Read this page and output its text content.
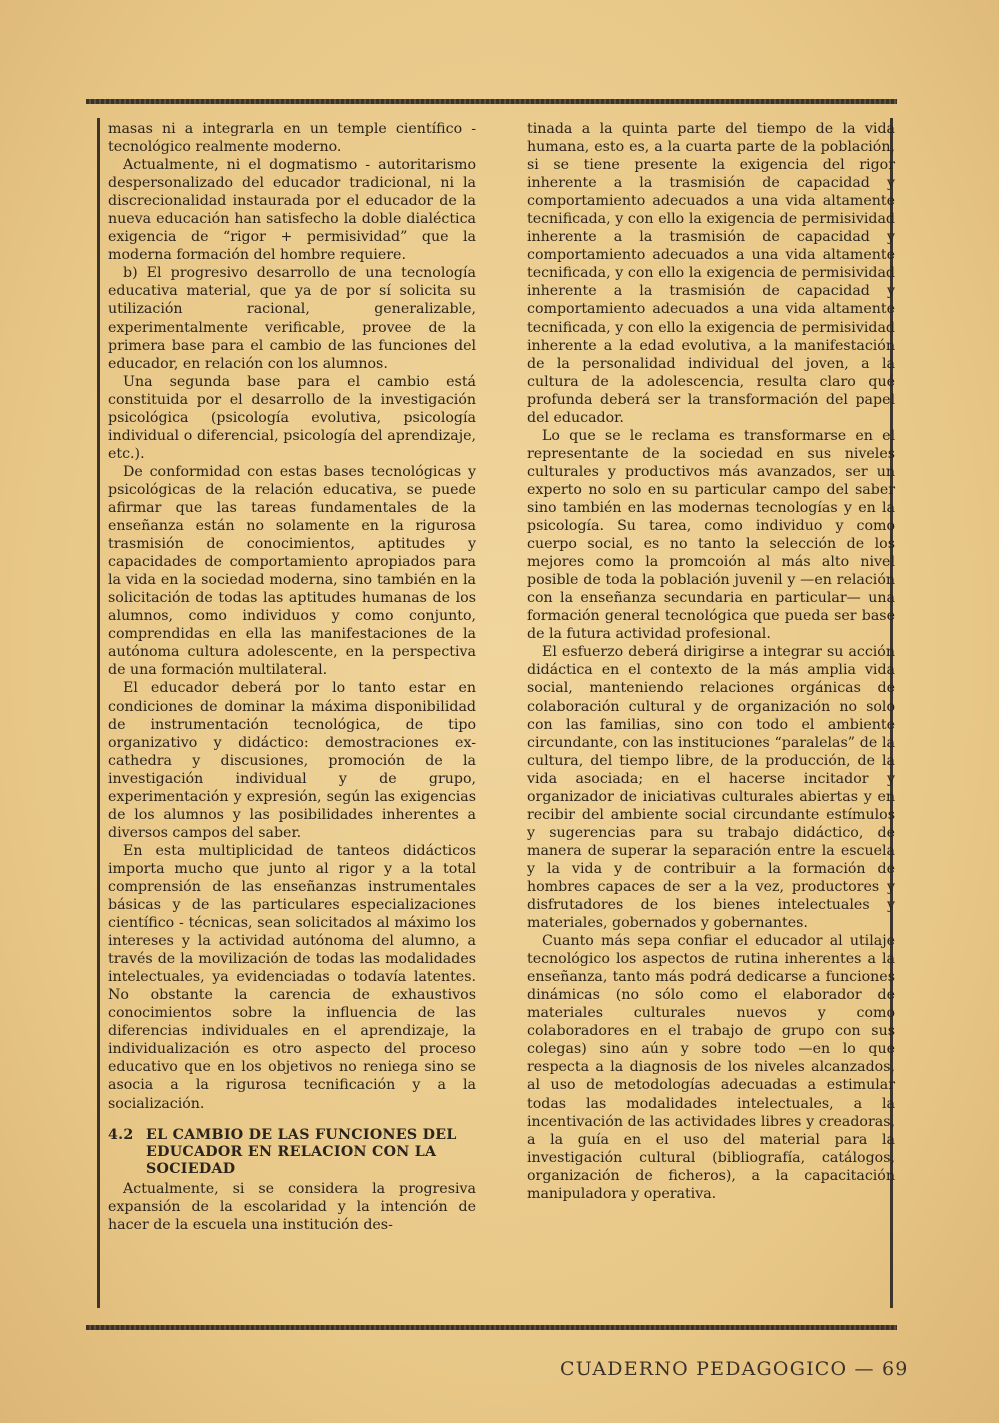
masas ni a integrarla en un temple científico - tecnológico realmente moderno.

Actualmente, ni el dogmatismo - autoritarismo despersonalizado del educador tradicional, ni la discrecionalidad instaurada por el educador de la nueva educación han satisfecho la doble dialéctica exigencia de “rigor + permisividad” que la moderna formación del hombre requiere.

b) El progresivo desarrollo de una tecnología educativa material, que ya de por sí solicita su utilización racional, generalizable, experimentalmente verificable, provee de la primera base para el cambio de las funciones del educador, en relación con los alumnos.

Una segunda base para el cambio está constituida por el desarrollo de la investigación psicológica (psicología evolutiva, psicología individual o diferencial, psicología del aprendizaje, etc.).

De conformidad con estas bases tecnológicas y psicológicas de la relación educativa, se puede afirmar que las tareas fundamentales de la enseñanza están no solamente en la rigurosa trasmisión de conocimientos, aptitudes y capacidades de comportamiento apropiados para la vida en la sociedad moderna, sino también en la solicitación de todas las aptitudes humanas de los alumnos, como individuos y como conjunto, comprendidas en ella las manifestaciones de la autónoma cultura adolescente, en la perspectiva de una formación multilateral.

El educador deberá por lo tanto estar en condiciones de dominar la máxima disponibilidad de instrumentación tecnológica, de tipo organizativo y didáctico: demostraciones ex-cathedra y discusiones, promoción de la investigación individual y de grupo, experimentación y expresión, según las exigencias de los alumnos y las posibilidades inherentes a diversos campos del saber.

En esta multiplicidad de tanteos didácticos importa mucho que junto al rigor y a la total comprensión de las enseñanzas instrumentales básicas y de las particulares especializaciones científico - técnicas, sean solicitados al máximo los intereses y la actividad autónoma del alumno, a través de la movilización de todas las modalidades intelectuales, ya evidenciadas o todavía latentes. No obstante la carencia de exhaustivos conocimientos sobre la influencia de las diferencias individuales en el aprendizaje, la individualización es otro aspecto del proceso educativo que en los objetivos no reniega sino se asocia a la rigurosa tecnificación y a la socialización.

4.2 EL CAMBIO DE LAS FUNCIONES DEL EDUCADOR EN RELACION CON LA SOCIEDAD

Actualmente, si se considera la progresiva expansión de la escolaridad y la intención de hacer de la escuela una institución des-

tinada a la quinta parte del tiempo de la vida humana, esto es, a la cuarta parte de la población, si se tiene presente la exigencia del rigor inherente a la trasmisión de capacidad y comportamiento adecuados a una vida altamente tecnificada, y con ello la exigencia de permisividad inherente a la trasmisión de capacidad y comportamiento adecuados a una vida altamente tecnificada, y con ello la exigencia de permisividad inherente a la trasmisión de capacidad y comportamiento adecuados a una vida altamente tecnificada, y con ello la exigencia de permisividad inherente a la edad evolutiva, a la manifestación de la personalidad individual del joven, a la cultura de la adolescencia, resulta claro qué profunda deberá ser la transformación del papel del educador.

Lo que se le reclama es transformarse en el representante de la sociedad en sus niveles culturales y productivos más avanzados, ser un experto no solo en su particular campo del saber sino también en las modernas tecnologías y en la psicología. Su tarea, como individuo y como cuerpo social, es no tanto la selección de los mejores como la promcoión al más alto nivel posible de toda la población juvenil y —en relación con la enseñanza secundaria en particular— una formación general tecnológica que pueda ser base de la futura actividad profesional.

El esfuerzo deberá dirigirse a integrar su acción didáctica en el contexto de la más amplia vida social, manteniendo relaciones orgánicas de colaboración cultural y de organización no solo con las familias, sino con todo el ambiente circundante, con las instituciones “paralelas” de la cultura, del tiempo libre, de la producción, de la vida asociada; en el hacerse incitador y organizador de iniciativas culturales abiertas y en recibir del ambiente social circundante estímulos y sugerencias para su trabajo didáctico, de manera de superar la separación entre la escuela y la vida y de contribuir a la formación de hombres capaces de ser a la vez, productores y disfrutadores de los bienes intelectuales y materiales, gobernados y gobernantes.

Cuanto más sepa confiar el educador al utilaje tecnológico los aspectos de rutina inherentes a la enseñanza, tanto más podrá dedicarse a funciones dinámicas (no sólo como el elaborador de materiales culturales nuevos y como colaboradores en el trabajo de grupo con sus colegas) sino aún y sobre todo —en lo que respecta a la diagnosis de los niveles alcanzados, al uso de metodologías adecuadas a estimular todas las modalidades intelectuales, a la incentivación de las actividades libres y creadoras, a la guía en el uso del material para la investigación cultural (bibliografía, catálogos, organización de ficheros), a la capacitación manipuladora y operativa.

CUADERNO PEDAGOGICO — 69
